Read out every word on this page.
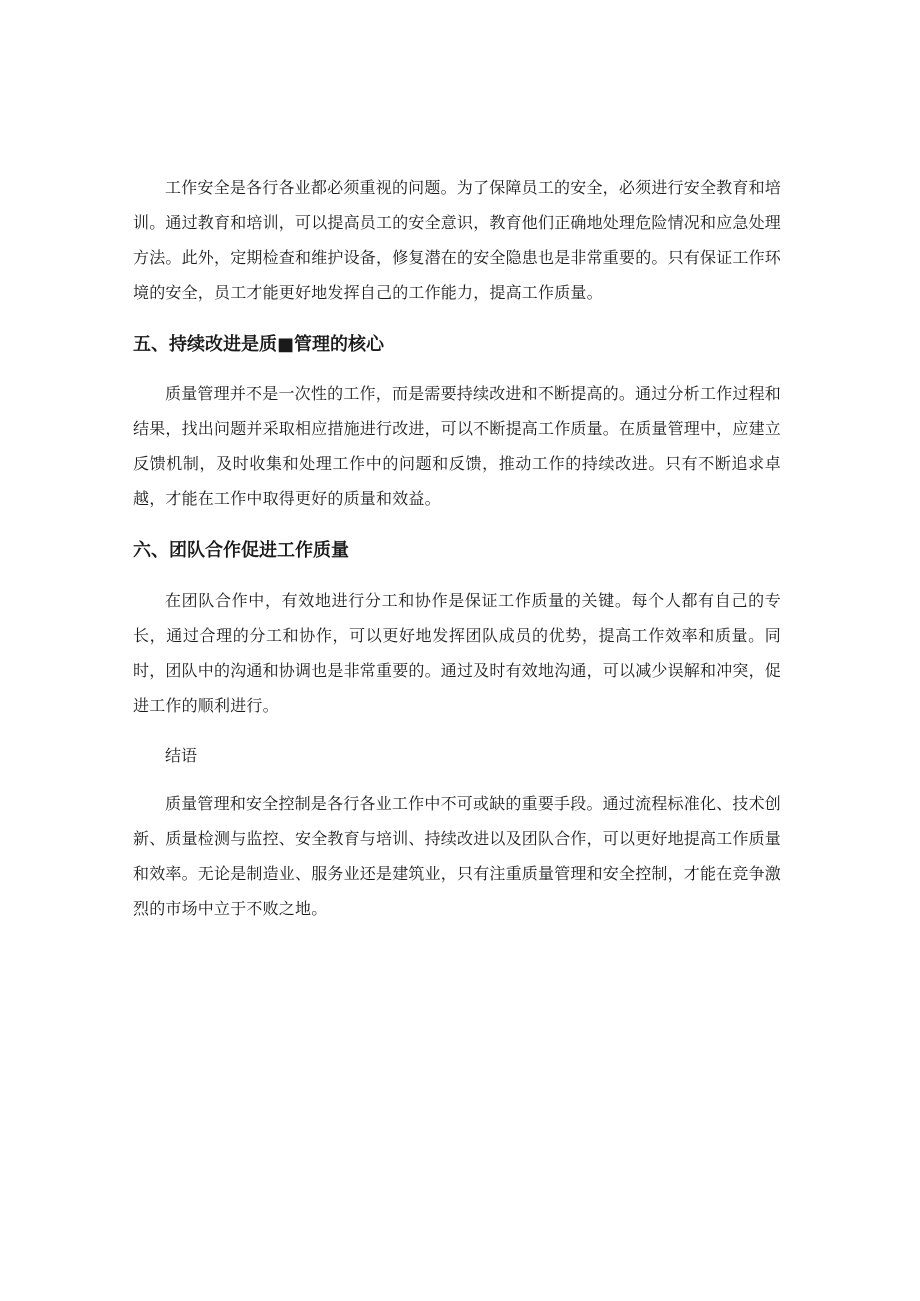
工作安全是各行各业都必须重视的问题。为了保障员工的安全，必须进行安全教育和培训。通过教育和培训，可以提高员工的安全意识，教育他们正确地处理危险情况和应急处理方法。此外，定期检查和维护设备，修复潜在的安全隐患也是非常重要的。只有保证工作环境的安全，员工才能更好地发挥自己的工作能力，提高工作质量。

五、持续改进是质■管理的核心

质量管理并不是一次性的工作，而是需要持续改进和不断提高的。通过分析工作过程和结果，找出问题并采取相应措施进行改进，可以不断提高工作质量。在质量管理中，应建立反馈机制，及时收集和处理工作中的问题和反馈，推动工作的持续改进。只有不断追求卓越，才能在工作中取得更好的质量和效益。

六、团队合作促进工作质量

在团队合作中，有效地进行分工和协作是保证工作质量的关键。每个人都有自己的专长，通过合理的分工和协作，可以更好地发挥团队成员的优势，提高工作效率和质量。同时，团队中的沟通和协调也是非常重要的。通过及时有效地沟通，可以减少误解和冲突，促进工作的顺利进行。

结语

质量管理和安全控制是各行各业工作中不可或缺的重要手段。通过流程标准化、技术创新、质量检测与监控、安全教育与培训、持续改进以及团队合作，可以更好地提高工作质量和效率。无论是制造业、服务业还是建筑业，只有注重质量管理和安全控制，才能在竞争激烈的市场中立于不败之地。
